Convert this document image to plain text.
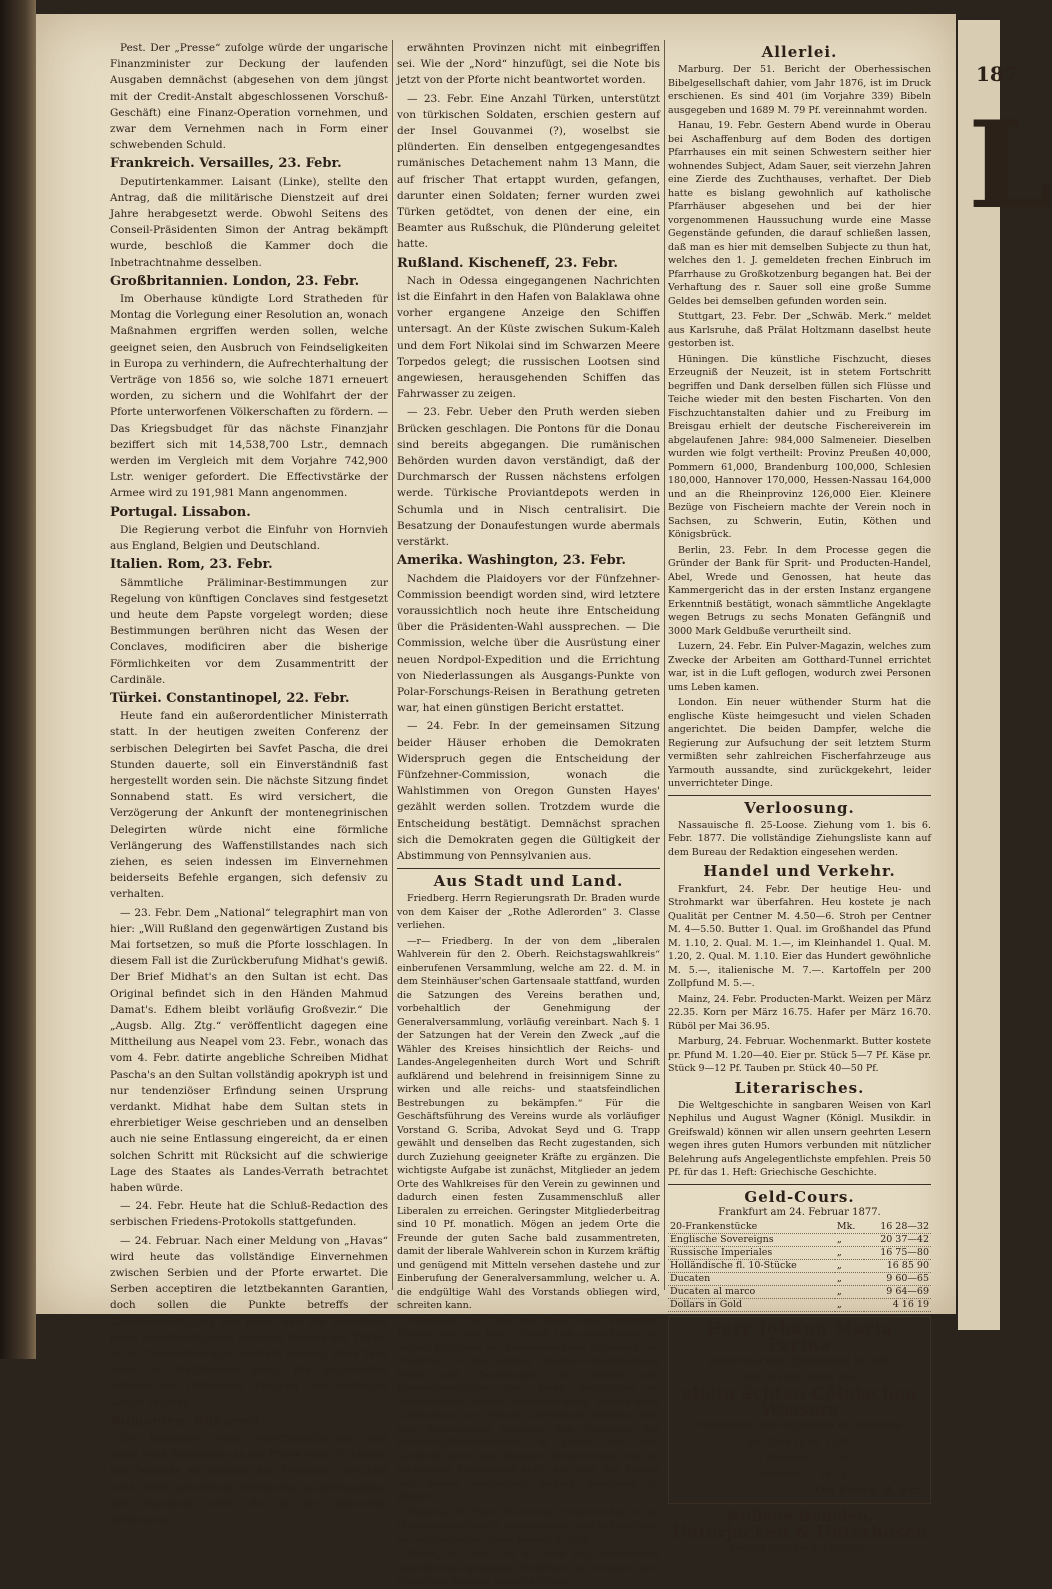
187
L

Pest. Der „Presse“ zufolge würde der ungarische Finanzminister zur Deckung der laufenden Ausgaben demnächst (abgesehen von dem jüngst mit der Credit-Anstalt abgeschlossenen Vorschuß-Geschäft) eine Finanz-Operation vornehmen, und zwar dem Vernehmen nach in Form einer schwebenden Schuld.

Frankreich. Versailles, 23. Febr.

Deputirtenkammer. Laisant (Linke), stellte den Antrag, daß die militärische Dienstzeit auf drei Jahre herabgesetzt werde. Obwohl Seitens des Conseil-Präsidenten Simon der Antrag bekämpft wurde, beschloß die Kammer doch die Inbetrachtnahme desselben.

Großbritannien. London, 23. Febr.

Im Oberhause kündigte Lord Stratheden für Montag die Vorlegung einer Resolution an, wonach Maßnahmen ergriffen werden sollen, welche geeignet seien, den Ausbruch von Feindseligkeiten in Europa zu verhindern, die Aufrechterhaltung der Verträge von 1856 so, wie solche 1871 erneuert worden, zu sichern und die Wohlfahrt der der Pforte unterworfenen Völkerschaften zu fördern. — Das Kriegsbudget für das nächste Finanzjahr beziffert sich mit 14,538,700 Lstr., demnach werden im Vergleich mit dem Vorjahre 742,900 Lstr. weniger gefordert. Die Effectivstärke der Armee wird zu 191,981 Mann angenommen.

Portugal. Lissabon.

Die Regierung verbot die Einfuhr von Hornvieh aus England, Belgien und Deutschland.

Italien. Rom, 23. Febr.

Sämmtliche Präliminar-Bestimmungen zur Regelung von künftigen Conclaves sind festgesetzt und heute dem Papste vorgelegt worden; diese Bestimmungen berühren nicht das Wesen der Conclaves, modificiren aber die bisherige Förmlichkeiten vor dem Zusammentritt der Cardinäle.

Türkei. Constantinopel, 22. Febr.

Heute fand ein außerordentlicher Ministerrath statt. In der heutigen zweiten Conferenz der serbischen Delegirten bei Savfet Pascha, die drei Stunden dauerte, soll ein Einverständniß fast hergestellt worden sein. Die nächste Sitzung findet Sonnabend statt. Es wird versichert, die Verzögerung der Ankunft der montenegrinischen Delegirten würde nicht eine förmliche Verlängerung des Waffenstillstandes nach sich ziehen, es seien indessen im Einvernehmen beiderseits Befehle ergangen, sich defensiv zu verhalten.

— 23. Febr. Dem „National“ telegraphirt man von hier: „Will Rußland den gegenwärtigen Zustand bis Mai fortsetzen, so muß die Pforte losschlagen. In diesem Fall ist die Zurückberufung Midhat's gewiß. Der Brief Midhat's an den Sultan ist echt. Das Original befindet sich in den Händen Mahmud Damat's. Edhem bleibt vorläufig Großvezir.“ Die „Augsb. Allg. Ztg.“ veröffentlicht dagegen eine Mittheilung aus Neapel vom 23. Febr., wonach das vom 4. Febr. datirte angebliche Schreiben Midhat Pascha's an den Sultan vollständig apokryph ist und nur tendenziöser Erfindung seinen Ursprung verdankt. Midhat habe dem Sultan stets in ehrerbietiger Weise geschrieben und an denselben auch nie seine Entlassung eingereicht, da er einen solchen Schritt mit Rücksicht auf die schwierige Lage des Staates als Landes-Verrath betrachtet haben würde.

— 24. Febr. Heute hat die Schluß-Redaction des serbischen Friedens-Protokolls stattgefunden.

— 24. Februar. Nach einer Meldung von „Havas“ wird heute das vollständige Einvernehmen zwischen Serbien und der Pforte erwartet. Die Serben acceptiren die letztbekannten Garantien, doch sollen die Punkte betreffs der Gleichberechtigung der Juden und die Bestellung eines bevollmächtigten Agenten Seitens der Türkei in der Convention nicht berührt werden. Zehn Tage nach der Ratification durch die Skupschtina würden die türkischen Truppen das serbische Gebiet räumen.

Rumänien. Bukarest.

Der Brüsseler „Nord“ veröffentlicht den Text einer Note Rumäniens an die Pforte vom 10. Januar, laut welcher an letztere das Ersuchen gerichtet wird, durch schriftliche Declaration sicherzustellen, daß Rumänien unter die in der türkischen Verfassung

erwähnten Provinzen nicht mit einbegriffen sei. Wie der „Nord“ hinzufügt, sei die Note bis jetzt von der Pforte nicht beantwortet worden.

— 23. Febr. Eine Anzahl Türken, unterstützt von türkischen Soldaten, erschien gestern auf der Insel Gouvanmei (?), woselbst sie plünderten. Ein denselben entgegengesandtes rumänisches Detachement nahm 13 Mann, die auf frischer That ertappt wurden, gefangen, darunter einen Soldaten; ferner wurden zwei Türken getödtet, von denen der eine, ein Beamter aus Rußschuk, die Plünderung geleitet hatte.

Rußland. Kischeneff, 23. Febr.

Nach in Odessa eingegangenen Nachrichten ist die Einfahrt in den Hafen von Balaklawa ohne vorher ergangene Anzeige den Schiffen untersagt. An der Küste zwischen Sukum-Kaleh und dem Fort Nikolai sind im Schwarzen Meere Torpedos gelegt; die russischen Lootsen sind angewiesen, herausgehenden Schiffen das Fahrwasser zu zeigen.

— 23. Febr. Ueber den Pruth werden sieben Brücken geschlagen. Die Pontons für die Donau sind bereits abgegangen. Die rumänischen Behörden wurden davon verständigt, daß der Durchmarsch der Russen nächstens erfolgen werde. Türkische Proviantdepots werden in Schumla und in Nisch centralisirt. Die Besatzung der Donaufestungen wurde abermals verstärkt.

Amerika. Washington, 23. Febr.

Nachdem die Plaidoyers vor der Fünfzehner-Commission beendigt worden sind, wird letztere voraussichtlich noch heute ihre Entscheidung über die Präsidenten-Wahl aussprechen. — Die Commission, welche über die Ausrüstung einer neuen Nordpol-Expedition und die Errichtung von Niederlassungen als Ausgangs-Punkte von Polar-Forschungs-Reisen in Berathung getreten war, hat einen günstigen Bericht erstattet.

— 24. Febr. In der gemeinsamen Sitzung beider Häuser erhoben die Demokraten Widerspruch gegen die Entscheidung der Fünfzehner-Commission, wonach die Wahlstimmen von Oregon Gunsten Hayes' gezählt werden sollen. Trotzdem wurde die Entscheidung bestätigt. Demnächst sprachen sich die Demokraten gegen die Gültigkeit der Abstimmung von Pennsylvanien aus.

Aus Stadt und Land.

Friedberg. Herrn Regierungsrath Dr. Braden wurde von dem Kaiser der „Rothe Adlerorden“ 3. Classe verliehen.

—r— Friedberg. In der von dem „liberalen Wahlverein für den 2. Oberh. Reichstagswahlkreis“ einberufenen Versammlung, welche am 22. d. M. in dem Steinhäuser'schen Gartensaale stattfand, wurden die Satzungen des Vereins berathen und, vorbehaltlich der Genehmigung der Generalversammlung, vorläufig vereinbart. Nach §. 1 der Satzungen hat der Verein den Zweck „auf die Wähler des Kreises hinsichtlich der Reichs- und Landes-Angelegenheiten durch Wort und Schrift aufklärend und belehrend in freisinnigem Sinne zu wirken und alle reichs- und staatsfeindlichen Bestrebungen zu bekämpfen.“ Für die Geschäftsführung des Vereins wurde als vorläufiger Vorstand G. Scriba, Advokat Seyd und G. Trapp gewählt und denselben das Recht zugestanden, sich durch Zuziehung geeigneter Kräfte zu ergänzen. Die wichtigste Aufgabe ist zunächst, Mitglieder an jedem Orte des Wahlkreises für den Verein zu gewinnen und dadurch einen festen Zusammenschluß aller Liberalen zu erreichen. Geringster Mitgliederbeitrag sind 10 Pf. monatlich. Mögen an jedem Orte die Freunde der guten Sache bald zusammentreten, damit der liberale Wahlverein schon in Kurzem kräftig und genügend mit Mitteln versehen dastehe und zur Einberufung der Generalversammlung, welcher u. A. die endgültige Wahl des Vorstands obliegen wird, schreiten kann.

Offenbach. Der Plan des Baues einer stehenden Brücke über den Main scheint sich verwirklichen zu wollen. Nachdem der Bauunternehmer Holzmann von Frankfurt in der letzten Stadtverordnetensitzung Pläne und Zeichnungen der Brücke und Kostenüberschläge über deren Ausführung an verschiedenen Stellen vorgelegt hatte, welche einer Commission zur Prüfung überwiesen wurden, fand eine Besprechung zwischen den Vertretern der Provinzial-Steuerdirektion in Kassel und dem Landrath, sowie dem hiesigen Bürgermeister und der städtischen Commission statt, um über das Projekt und dessen Ausführung weitere Berathung zu pflegen.

Dieburg, 24. Febr. Ein frecher Einbruch hat in der Muttergottes-Kapelle stattgefunden und befindet sich der mutmaßliche Thäter bereits in Haft.

Mainz, 24. Febr. Die in Folge des Hochwassers unterbrochen gewesene Schifffahrt ist nunmehr nach Ablauf des Wassers wieder eröffnet.

Allerlei.

Marburg. Der 51. Bericht der Oberhessischen Bibelgesellschaft dahier, vom Jahr 1876, ist im Druck erschienen. Es sind 401 (im Vorjahre 339) Bibeln ausgegeben und 1689 M. 79 Pf. vereinnahmt worden.

Hanau, 19. Febr. Gestern Abend wurde in Oberau bei Aschaffenburg auf dem Boden des dortigen Pfarrhauses ein mit seinen Schwestern seither hier wohnendes Subject, Adam Sauer, seit vierzehn Jahren eine Zierde des Zuchthauses, verhaftet. Der Dieb hatte es bislang gewohnlich auf katholische Pfarrhäuser abgesehen und bei der hier vorgenommenen Haussuchung wurde eine Masse Gegenstände gefunden, die darauf schließen lassen, daß man es hier mit demselben Subjecte zu thun hat, welches den 1. J. gemeldeten frechen Einbruch im Pfarrhause zu Großkotzenburg begangen hat. Bei der Verhaftung des r. Sauer soll eine große Summe Geldes bei demselben gefunden worden sein.

Stuttgart, 23. Febr. Der „Schwäb. Merk.“ meldet aus Karlsruhe, daß Prälat Holtzmann daselbst heute gestorben ist.

Hüningen. Die künstliche Fischzucht, dieses Erzeugniß der Neuzeit, ist in stetem Fortschritt begriffen und Dank derselben füllen sich Flüsse und Teiche wieder mit den besten Fischarten. Von den Fischzuchtanstalten dahier und zu Freiburg im Breisgau erhielt der deutsche Fischereiverein im abgelaufenen Jahre: 984,000 Salmeneier. Dieselben wurden wie folgt vertheilt: Provinz Preußen 40,000, Pommern 61,000, Brandenburg 100,000, Schlesien 180,000, Hannover 170,000, Hessen-Nassau 164,000 und an die Rheinprovinz 126,000 Eier. Kleinere Bezüge von Fischeiern machte der Verein noch in Sachsen, zu Schwerin, Eutin, Köthen und Königsbrück.

Berlin, 23. Febr. In dem Processe gegen die Gründer der Bank für Sprit- und Producten-Handel, Abel, Wrede und Genossen, hat heute das Kammergericht das in der ersten Instanz ergangene Erkenntniß bestätigt, wonach sämmtliche Angeklagte wegen Betrugs zu sechs Monaten Gefängniß und 3000 Mark Geldbuße verurtheilt sind.

Luzern, 24. Febr. Ein Pulver-Magazin, welches zum Zwecke der Arbeiten am Gotthard-Tunnel errichtet war, ist in die Luft geflogen, wodurch zwei Personen ums Leben kamen.

London. Ein neuer wüthender Sturm hat die englische Küste heimgesucht und vielen Schaden angerichtet. Die beiden Dampfer, welche die Regierung zur Aufsuchung der seit letztem Sturm vermißten sehr zahlreichen Fischerfahrzeuge aus Yarmouth aussandte, sind zurückgekehrt, leider unverrichteter Dinge.

Verloosung.

Nassauische fl. 25-Loose. Ziehung vom 1. bis 6. Febr. 1877. Die vollständige Ziehungsliste kann auf dem Bureau der Redaktion eingesehen werden.

Handel und Verkehr.

Frankfurt, 24. Febr. Der heutige Heu- und Strohmarkt war überfahren. Heu kostete je nach Qualität per Centner M. 4.50—6. Stroh per Centner M. 4—5.50. Butter 1. Qual. im Großhandel das Pfund M. 1.10, 2. Qual. M. 1.—, im Kleinhandel 1. Qual. M. 1.20, 2. Qual. M. 1.10. Eier das Hundert gewöhnliche M. 5.—, italienische M. 7.—. Kartoffeln per 200 Zollpfund M. 5.—.

Mainz, 24. Febr. Producten-Markt. Weizen per März 22.35. Korn per März 16.75. Hafer per März 16.70. Rüböl per Mai 36.95.

Marburg, 24. Februar. Wochenmarkt. Butter kostete pr. Pfund M. 1.20—40. Eier pr. Stück 5—7 Pf. Käse pr. Stück 9—12 Pf. Tauben pr. Stück 40—50 Pf.

Literarisches.

Die Weltgeschichte in sangbaren Weisen von Karl Nephilus und August Wagner (Königl. Musikdir. in Greifswald) können wir allen unsern geehrten Lesern wegen ihres guten Humors verbunden mit nützlicher Belehrung aufs Angelegentlichste empfehlen. Preis 50 Pf. für das 1. Heft: Griechische Geschichte.

Geld-Cours.
Frankfurt am 24. Februar 1877.
20-Frankenstücke	Mk.	16 28—32
Englische Sovereigns	„	20 37—42
Russische Imperiales	„	16 75—80
Holländische fl. 10-Stücke	„	16 85 90
Ducaten	„	9 60—65
Ducaten al marco	„	9 64—69
Dollars in Gold	„	4 16 19
Herr Johann Maria Farina
gegenüber dem Jülichsplatz in Cöln
hat uns den Debit des
allein ächten Cölnischen Wassers
übertragen und empfehlen wir dasselbe
per Glas zu M. 1.50,
„ ½ Dutzend „ „ 8.50,
„ Dutzend „ „ 16.75.
Die Exped. d. Anz.
Wollene Hemden,
Unterjacken & Unterhosen
äußerst billig bei K. Friedrich.
